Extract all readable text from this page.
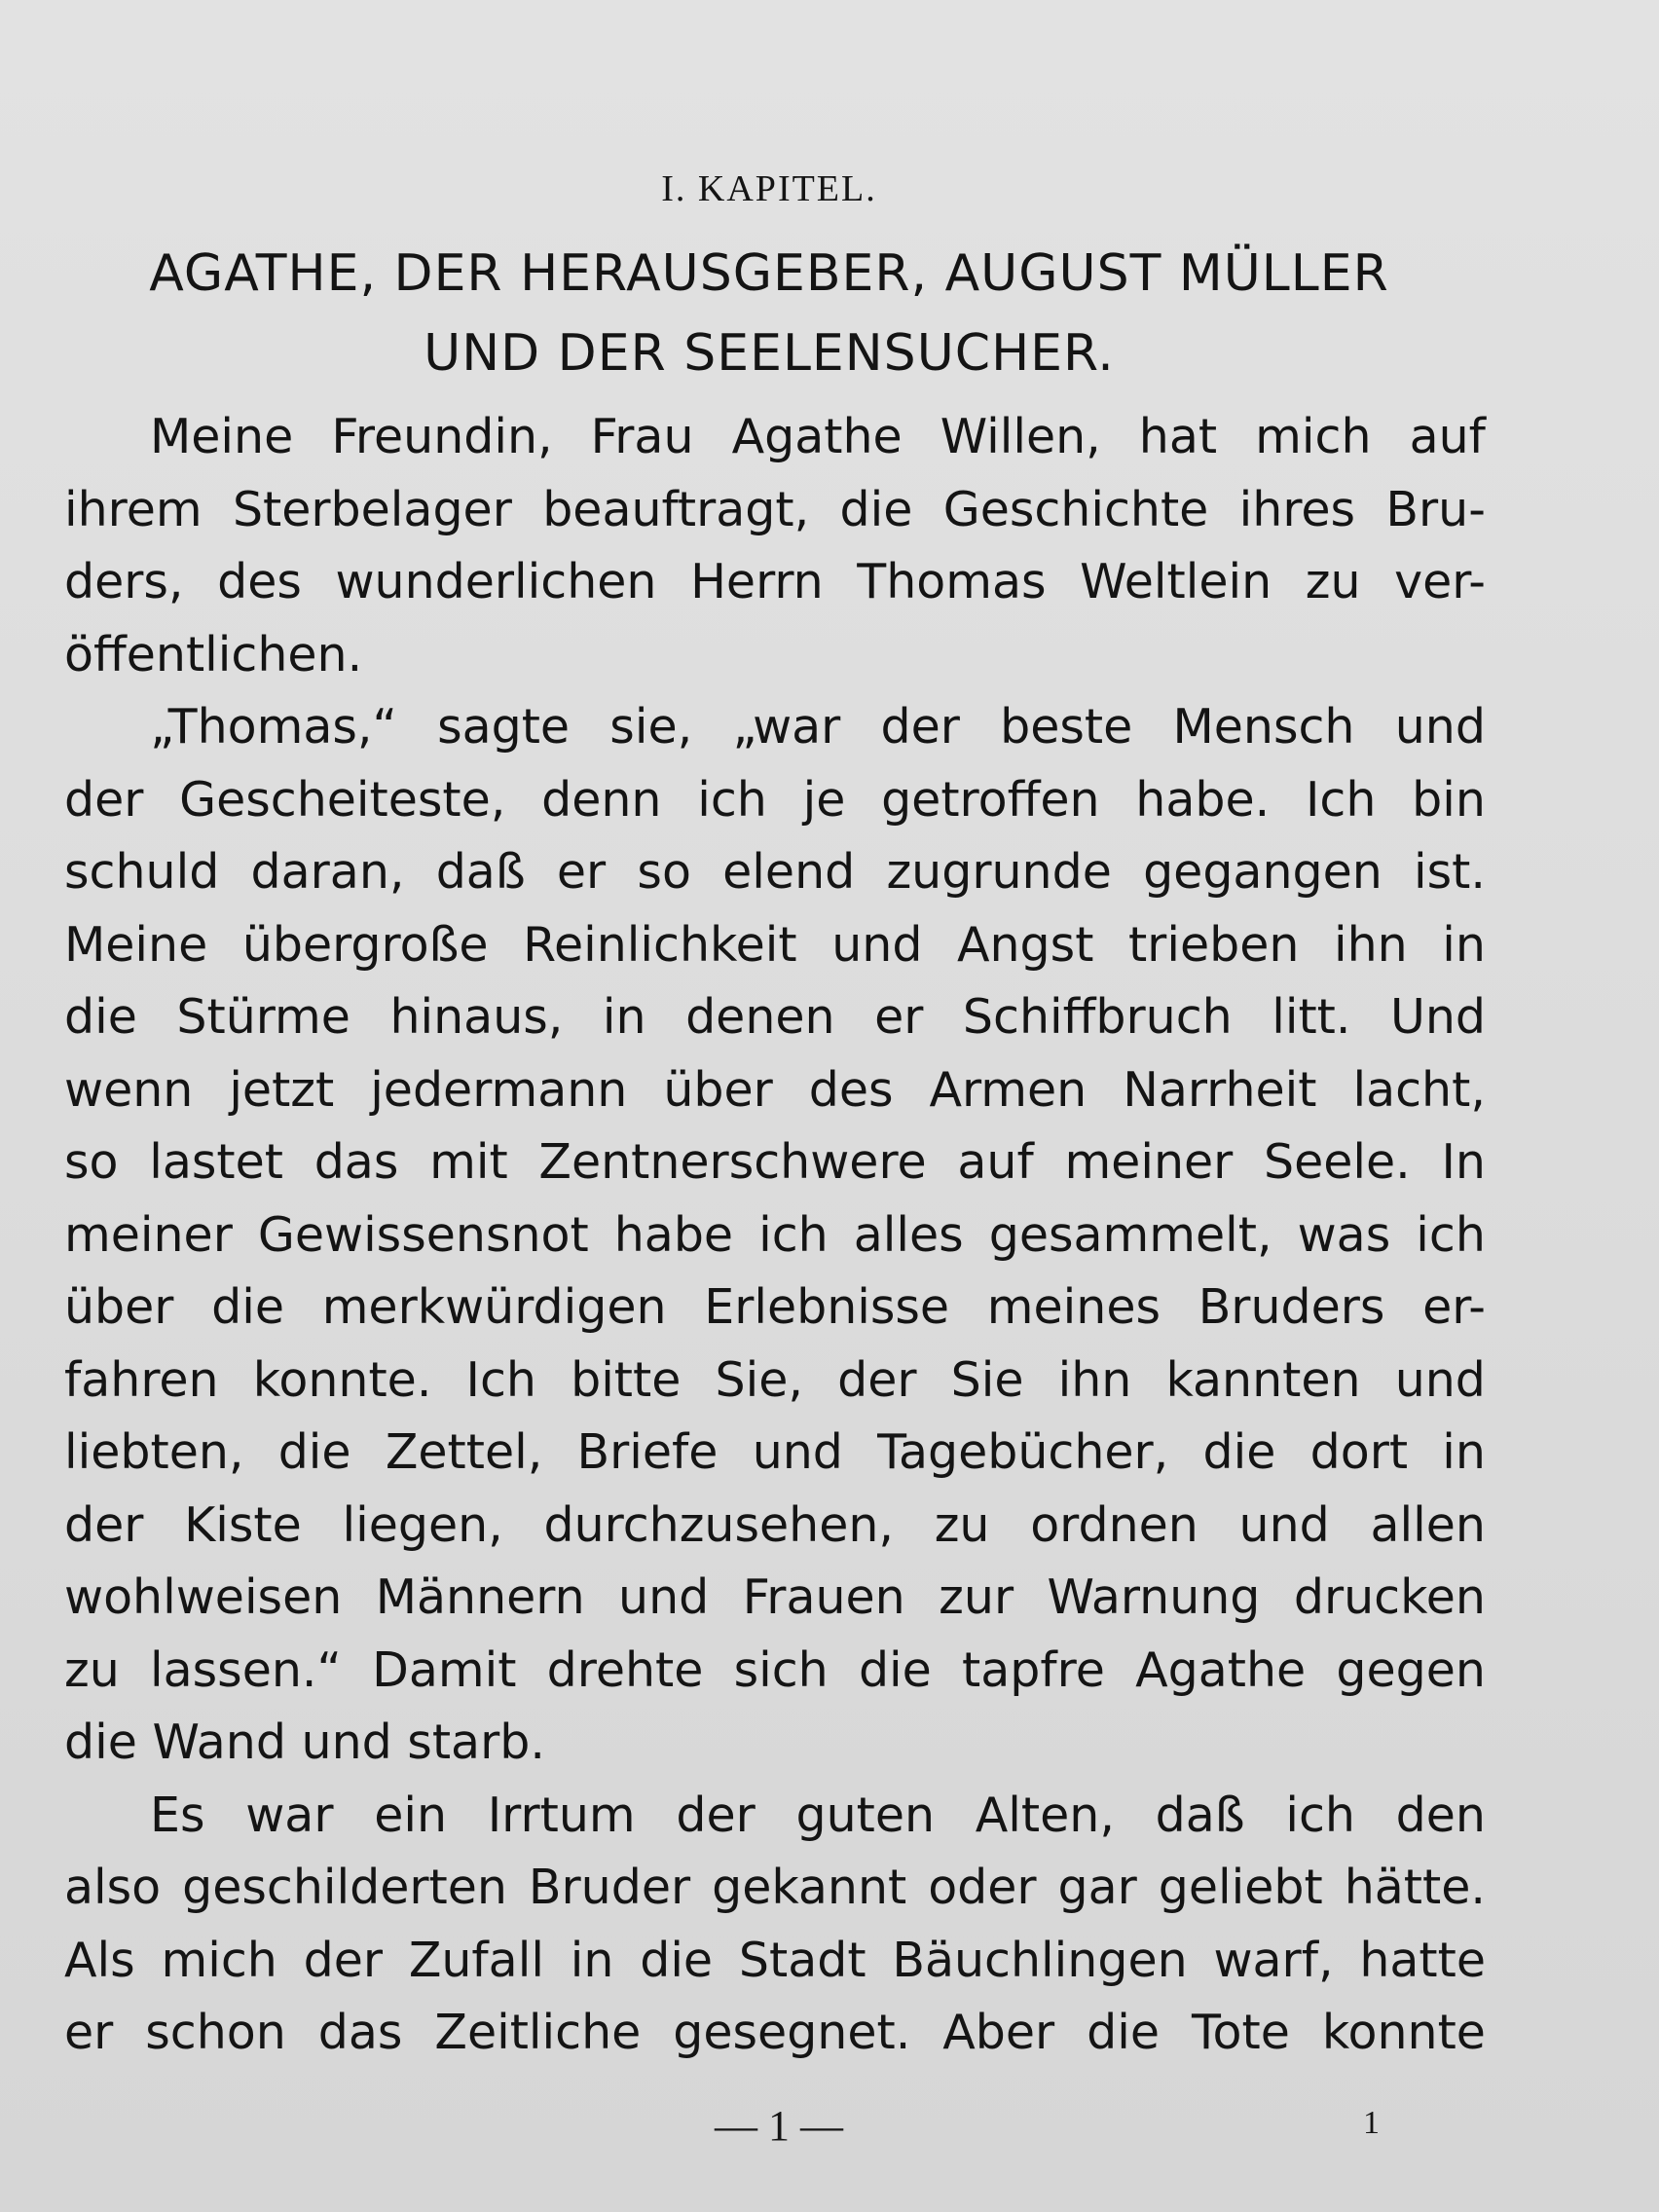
I. KAPITEL.
AGATHE, DER HERAUSGEBER, AUGUST MÜLLER
UND DER SEELENSUCHER.

Meine Freundin, Frau Agathe Willen, hat mich auf
ihrem Sterbelager beauftragt, die Geschichte ihres Bru-
ders, des wunderlichen Herrn Thomas Weltlein zu ver-
öffentlichen.

„Thomas,“ sagte sie, „war der beste Mensch und
der Gescheiteste, denn ich je getroffen habe. Ich bin
schuld daran, daß er so elend zugrunde gegangen ist.
Meine übergroße Reinlichkeit und Angst trieben ihn in
die Stürme hinaus, in denen er Schiffbruch litt. Und
wenn jetzt jedermann über des Armen Narrheit lacht,
so lastet das mit Zentnerschwere auf meiner Seele. In
meiner Gewissensnot habe ich alles gesammelt, was ich
über die merkwürdigen Erlebnisse meines Bruders er-
fahren konnte. Ich bitte Sie, der Sie ihn kannten und
liebten, die Zettel, Briefe und Tagebücher, die dort in
der Kiste liegen, durchzusehen, zu ordnen und allen
wohlweisen Männern und Frauen zur Warnung drucken
zu lassen.“ Damit drehte sich die tapfre Agathe gegen
die Wand und starb.

Es war ein Irrtum der guten Alten, daß ich den
also geschilderten Bruder gekannt oder gar geliebt hätte.
Als mich der Zufall in die Stadt Bäuchlingen warf, hatte
er schon das Zeitliche gesegnet. Aber die Tote konnte

— 1 —	1
